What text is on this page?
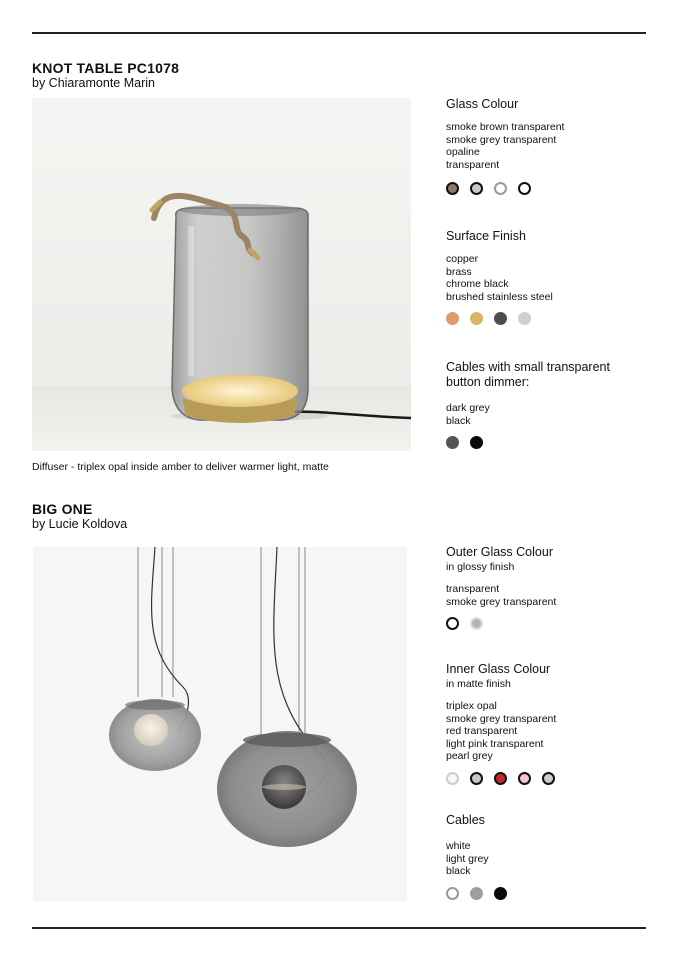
KNOT TABLE PC1078
by Chiaramonte Marin
Diffuser - triplex opal inside amber to deliver warmer light, matte
Glass Colour
smoke brown transparent
smoke grey transparent
opaline
transparent
Surface Finish
copper
brass
chrome black
brushed stainless steel
Cables with small transparent button dimmer:
dark grey
black
BIG ONE
by Lucie Koldova
Outer Glass Colour
in glossy finish
transparent
smoke grey transparent
Inner Glass Colour
in matte finish
triplex opal
smoke grey transparent
red transparent
light pink transparent
pearl grey
Cables
white
light grey
black
